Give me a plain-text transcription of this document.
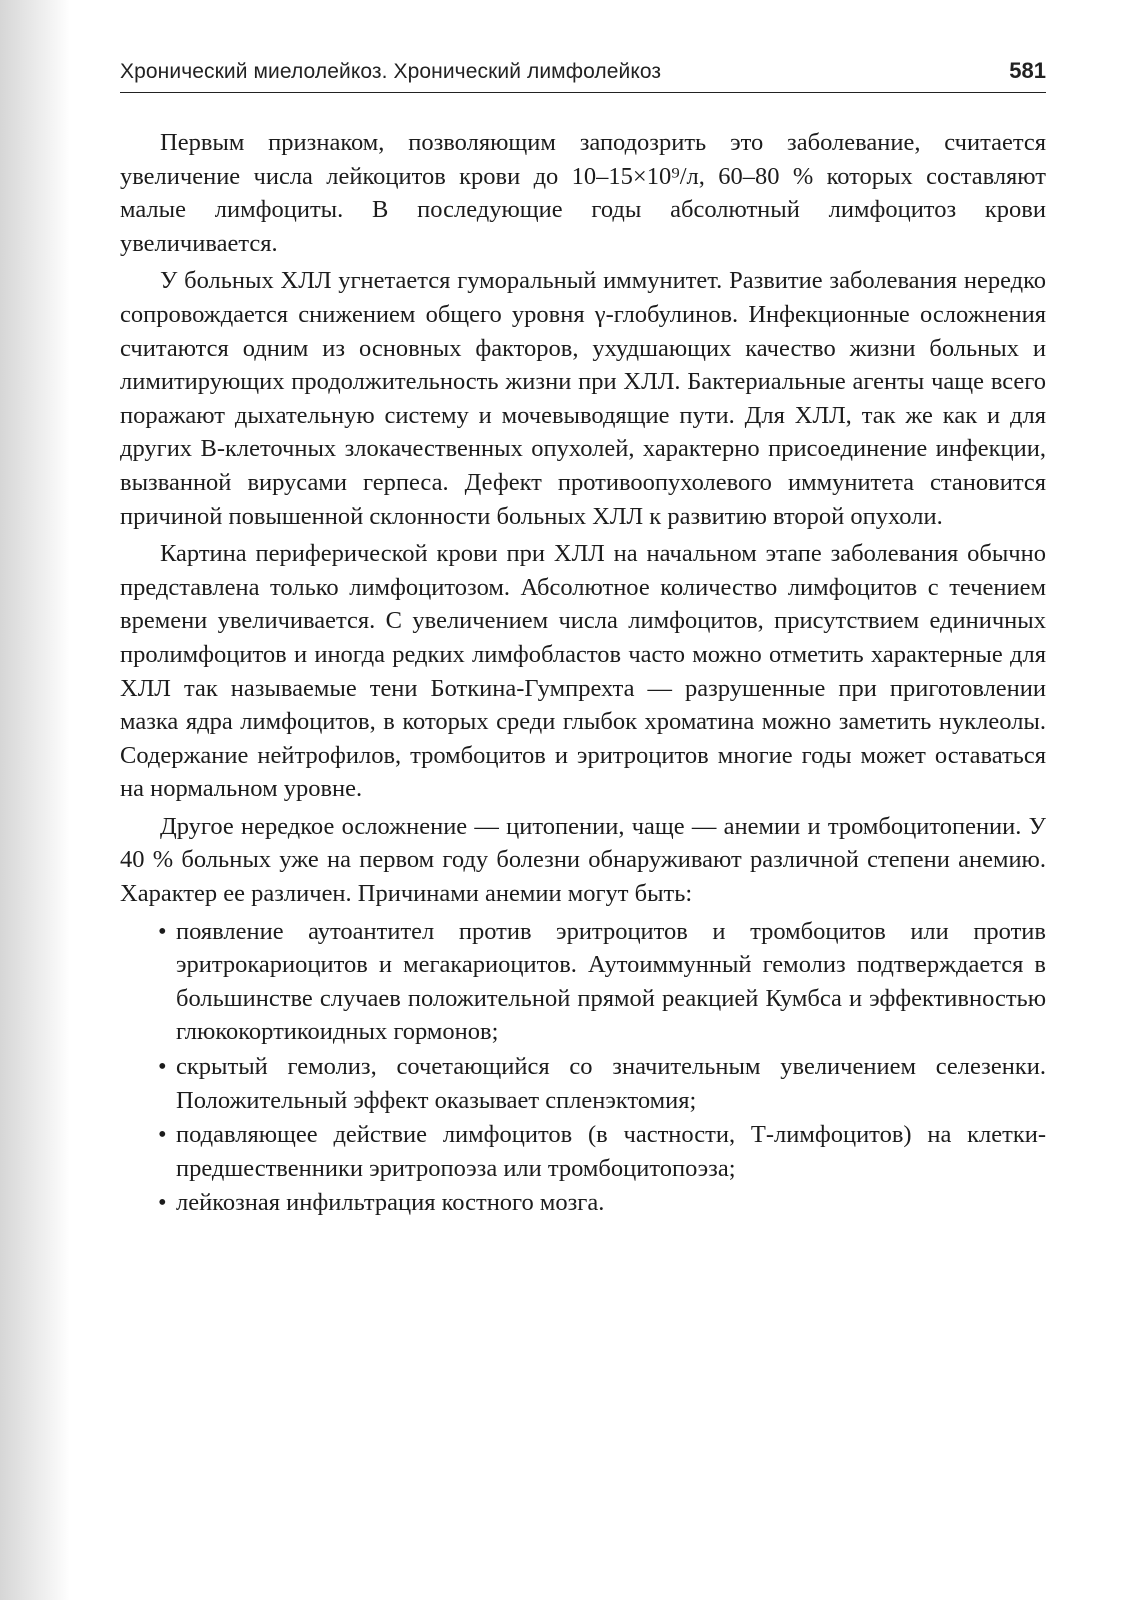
Хронический миелолейкоз. Хронический лимфолейкоз	581

Первым признаком, позволяющим заподозрить это заболевание, считается увеличение числа лейкоцитов крови до 10–15×10⁹/л, 60–80 % которых составляют малые лимфоциты. В последующие годы абсолютный лимфоцитоз крови увеличивается.

У больных ХЛЛ угнетается гуморальный иммунитет. Развитие заболевания нередко сопровождается снижением общего уровня γ-глобулинов. Инфекционные осложнения считаются одним из основных факторов, ухудшающих качество жизни больных и лимитирующих продолжительность жизни при ХЛЛ. Бактериальные агенты чаще всего поражают дыхательную систему и мочевыводящие пути. Для ХЛЛ, так же как и для других В-клеточных злокачественных опухолей, характерно присоединение инфекции, вызванной вирусами герпеса. Дефект противоопухолевого иммунитета становится причиной повышенной склонности больных ХЛЛ к развитию второй опухоли.

Картина периферической крови при ХЛЛ на начальном этапе заболевания обычно представлена только лимфоцитозом. Абсолютное количество лимфоцитов с течением времени увеличивается. С увеличением числа лимфоцитов, присутствием единичных пролимфоцитов и иногда редких лимфобластов часто можно отметить характерные для ХЛЛ так называемые тени Боткина-Гумпрехта — разрушенные при приготовлении мазка ядра лимфоцитов, в которых среди глыбок хроматина можно заметить нуклеолы. Содержание нейтрофилов, тромбоцитов и эритроцитов многие годы может оставаться на нормальном уровне.

Другое нередкое осложнение — цитопении, чаще — анемии и тромбоцитопении. У 40 % больных уже на первом году болезни обнаруживают различной степени анемию. Характер ее различен. Причинами анемии могут быть:

• появление аутоантител против эритроцитов и тромбоцитов или против эритрокариоцитов и мегакариоцитов. Аутоиммунный гемолиз подтверждается в большинстве случаев положительной прямой реакцией Кумбса и эффективностью глюкокортикоидных гормонов;
• скрытый гемолиз, сочетающийся со значительным увеличением селезенки. Положительный эффект оказывает спленэктомия;
• подавляющее действие лимфоцитов (в частности, Т-лимфоцитов) на клетки-предшественники эритропоэза или тромбоцитопоэза;
• лейкозная инфильтрация костного мозга.
